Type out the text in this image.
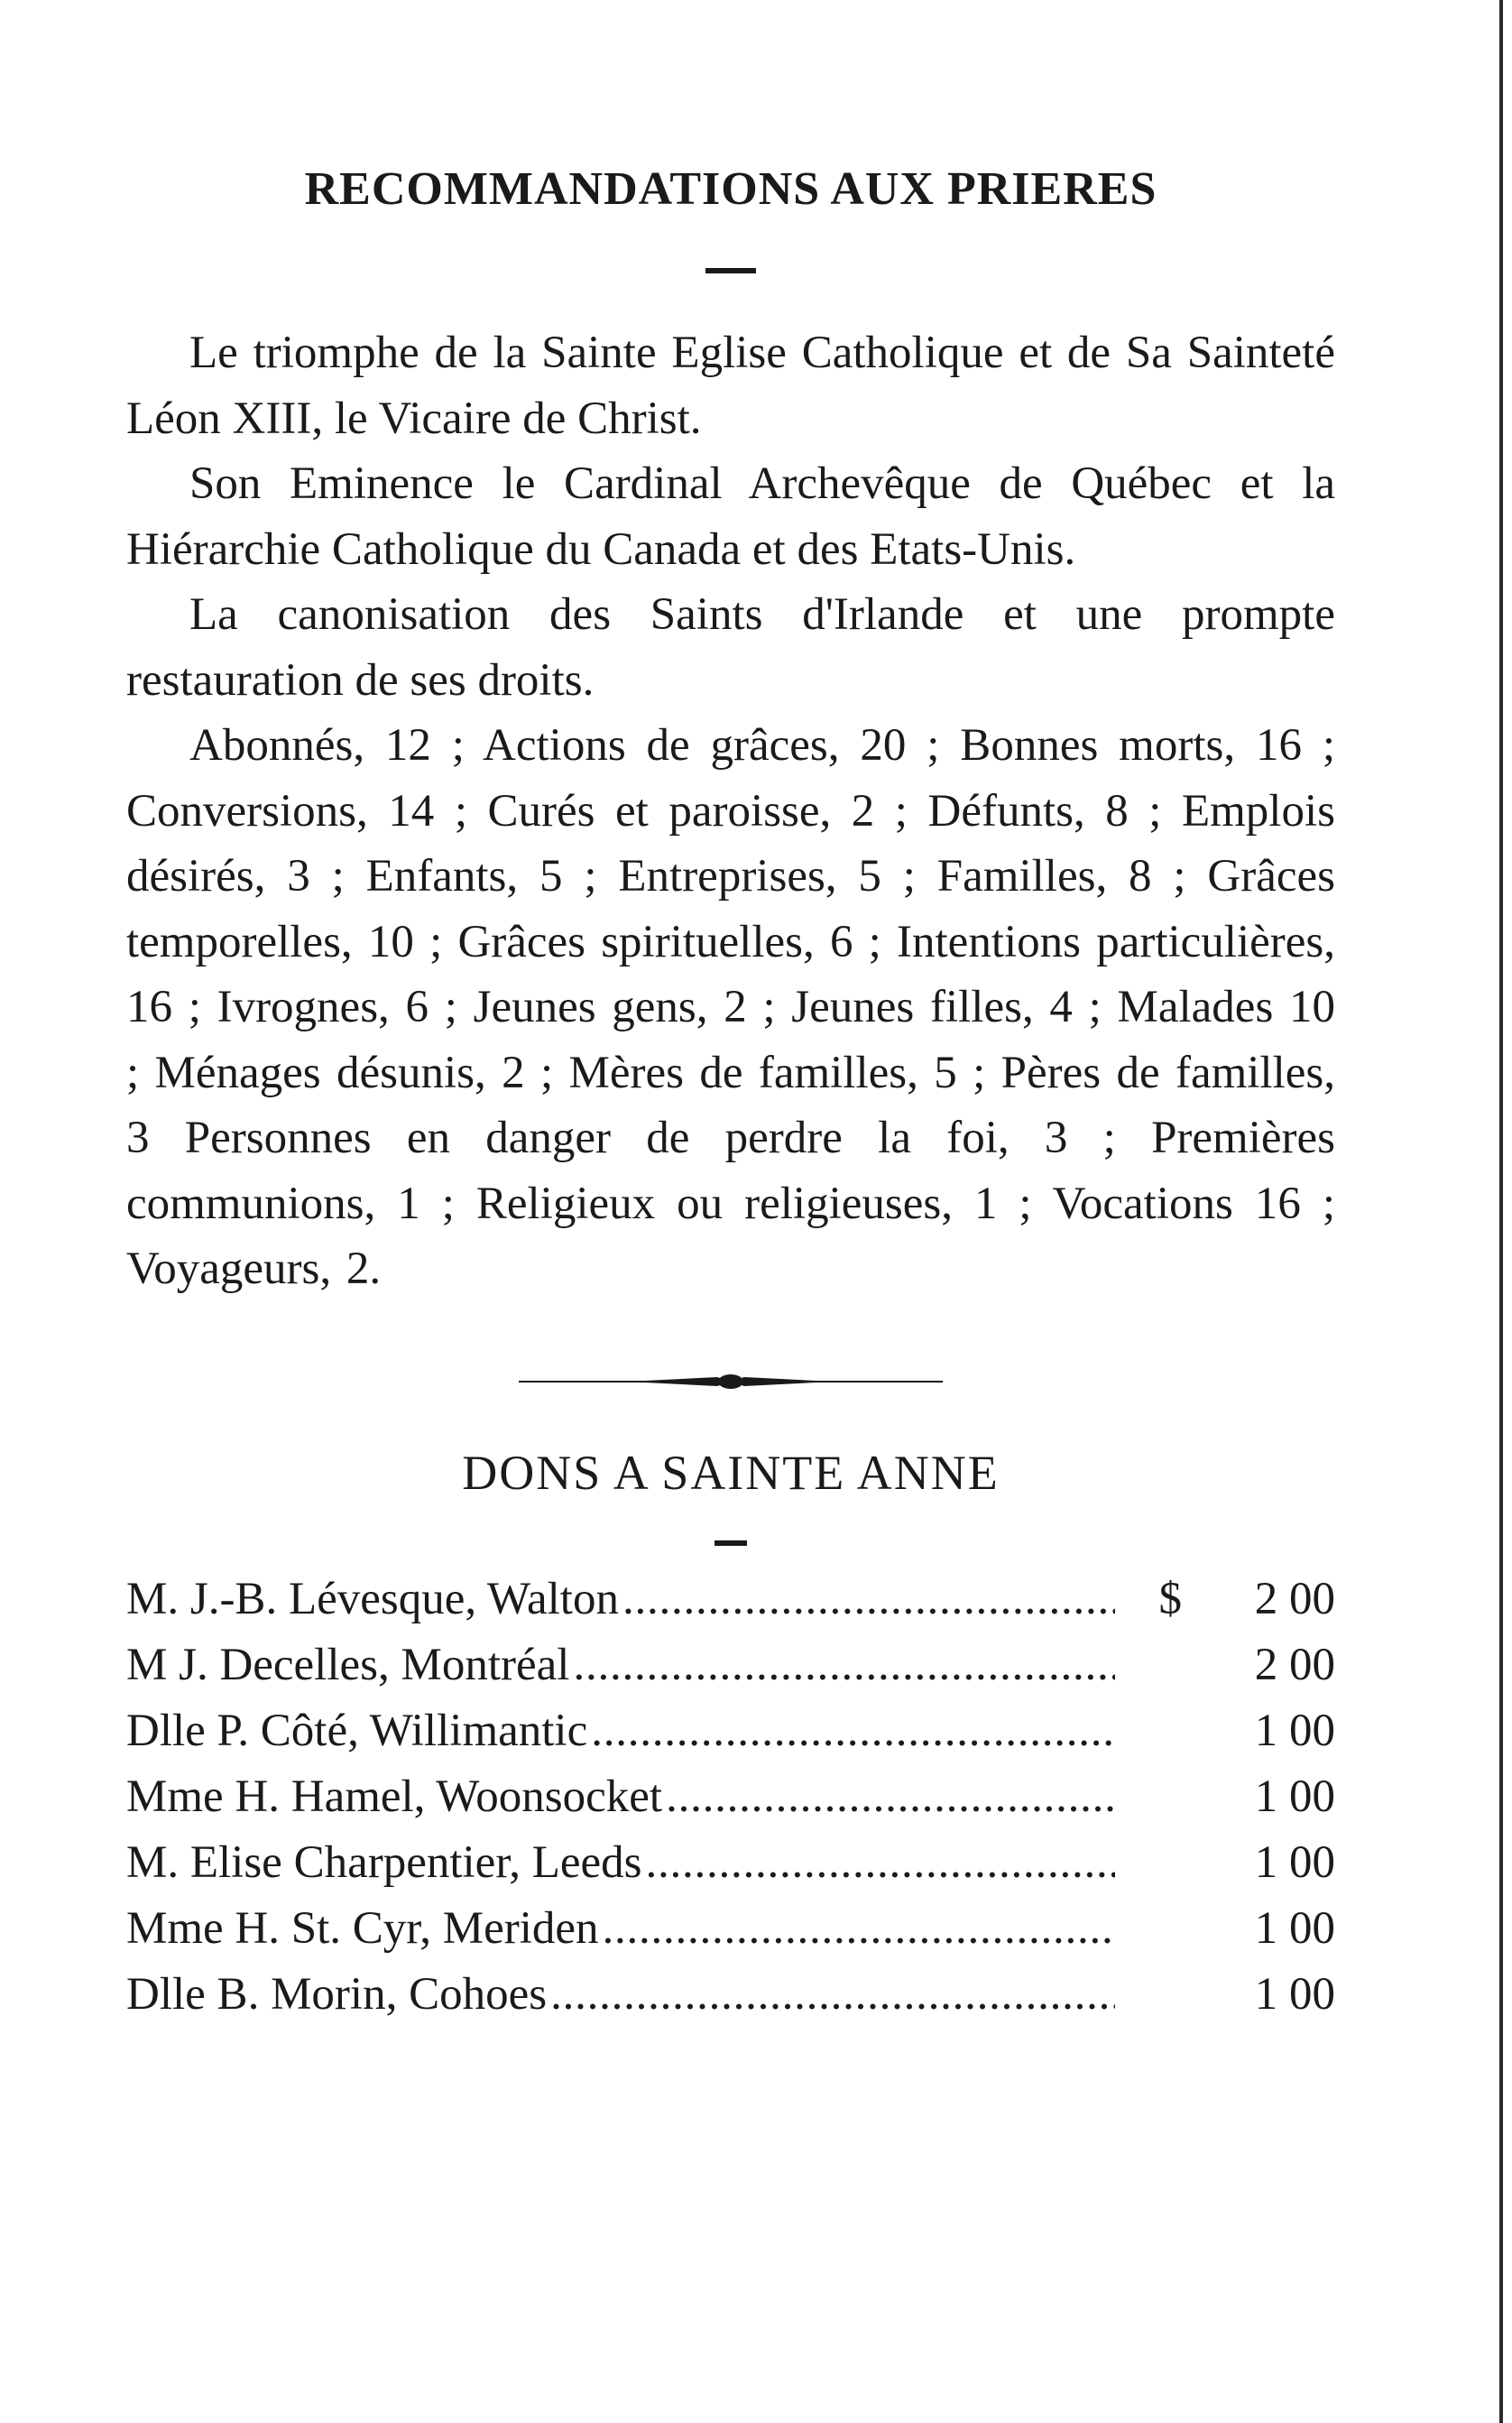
RECOMMANDATIONS AUX PRIERES

Le triomphe de la Sainte Eglise Catholique et de Sa Sainteté Léon XIII, le Vicaire de Christ.

Son Eminence le Cardinal Archevêque de Québec et la Hiérarchie Catholique du Canada et des Etats-Unis.

La canonisation des Saints d'Irlande et une prompte restauration de ses droits.

Abonnés, 12 ; Actions de grâces, 20 ; Bonnes morts, 16 ; Conversions, 14 ; Curés et paroisse, 2 ; Défunts, 8 ; Emplois désirés, 3 ; Enfants, 5 ; Entreprises, 5 ; Familles, 8 ; Grâces temporelles, 10 ; Grâces spirituelles, 6 ; Intentions particulières, 16 ; Ivrognes, 6 ; Jeunes gens, 2 ; Jeunes filles, 4 ; Malades 10 ; Ménages désunis, 2 ; Mères de familles, 5 ; Pères de familles, 3 Personnes en danger de perdre la foi, 3 ; Premières communions, 1 ; Religieux ou religieuses, 1 ; Vocations 16 ; Voyageurs, 2.

DONS A SAINTE ANNE
M. J.-B. Lévesque, Walton . . .	$	2 00
M J. Decelles, Montréal . . .	2 00
Dlle P. Côté, Willimantic . . .	1 00
Mme H. Hamel, Woonsocket . . .	1 00
M. Elise Charpentier, Leeds . . .	1 00
Mme H. St. Cyr, Meriden . . .	1 00
Dlle B. Morin, Cohoes . . .	1 00
